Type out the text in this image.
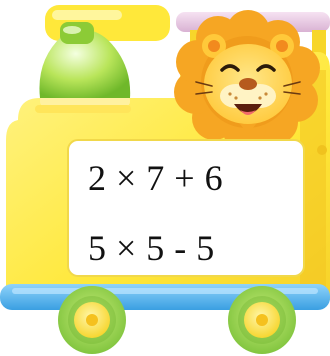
2 × 7 + 6

5 × 5 - 5
